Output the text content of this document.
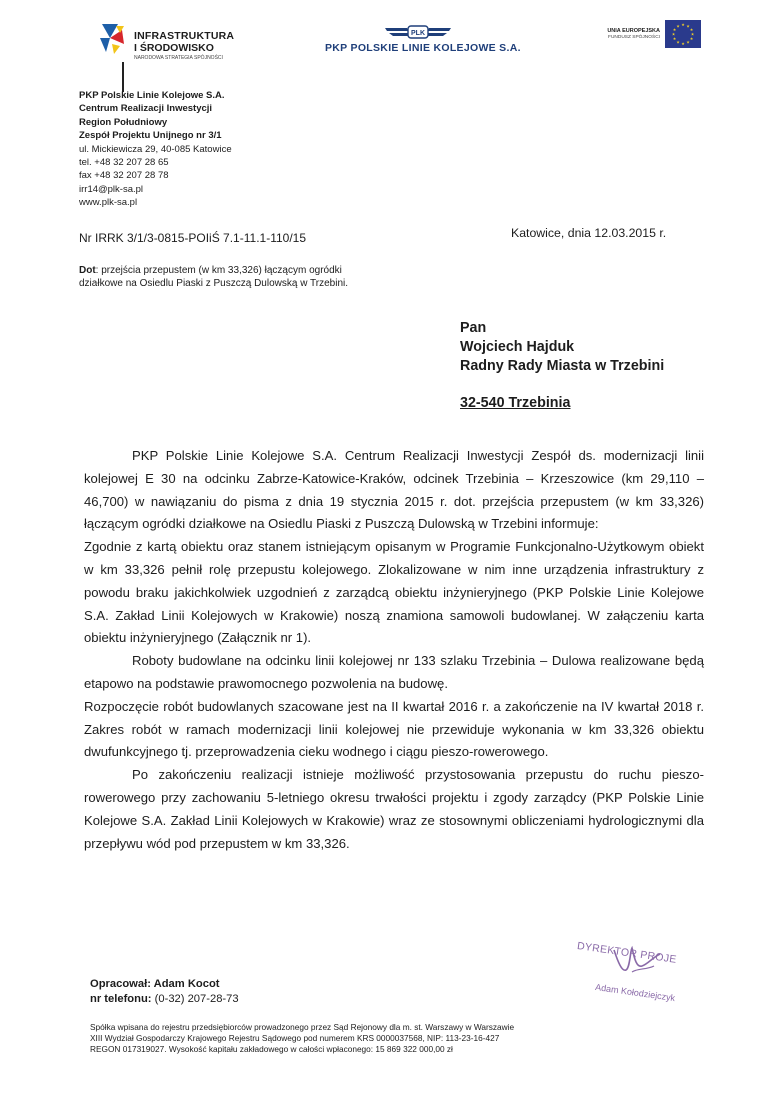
INFRASTRUKTURA
I ŚRODOWISKO
NARODOWA STRATEGIA SPÓJNOŚCI
PLK
PKP POLSKIE LINIE KOLEJOWE S.A.
UNIA EUROPEJSKA
FUNDUSZ SPÓJNOŚCI
★ ★
★
★
★
★
★
★
★
★
★
★
PKP Polskie Linie Kolejowe S.A.
Centrum Realizacji Inwestycji
Region Południowy
Zespół Projektu Unijnego nr 3/1
ul. Mickiewicza 29, 40-085 Katowice
tel. +48 32 207 28 65
fax +48 32 207 28 78
irr14@plk-sa.pl
www.plk-sa.pl
Nr IRRK 3/1/3-0815-POIiŚ 7.1-11.1-110/15	Katowice, dnia 12.03.2015 r.
Dot: przejścia przepustem (w km 33,326) łączącym ogródki
działkowe na Osiedlu Piaski z Puszczą Dulowską w Trzebini.
Pan
Wojciech Hajduk
Radny Rady Miasta w Trzebini
32-540 Trzebinia

PKP Polskie Linie Kolejowe S.A. Centrum Realizacji Inwestycji Zespół ds. modernizacji linii kolejowej E 30 na odcinku Zabrze-Katowice-Kraków, odcinek Trzebinia – Krzeszowice (km 29,110 – 46,700) w nawiązaniu do pisma z dnia 19 stycznia 2015 r. dot. przejścia przepustem (w km 33,326) łączącym ogródki działkowe na Osiedlu Piaski z Puszczą Dulowską w Trzebini informuje:

Zgodnie z kartą obiektu oraz stanem istniejącym opisanym w Programie Funkcjonalno-Użytkowym obiekt w km 33,326 pełnił rolę przepustu kolejowego. Zlokalizowane w nim inne urządzenia infrastruktury z powodu braku jakichkolwiek uzgodnień z zarządcą obiektu inżynieryjnego (PKP Polskie Linie Kolejowe S.A. Zakład Linii Kolejowych w Krakowie) noszą znamiona samowoli budowlanej. W załączeniu karta obiektu inżynieryjnego (Załącznik nr 1).

Roboty budowlane na odcinku linii kolejowej nr 133 szlaku Trzebinia – Dulowa realizowane będą etapowo na podstawie prawomocnego pozwolenia na budowę.

Rozpoczęcie robót budowlanych szacowane jest na II kwartał 2016 r. a zakończenie na IV kwartał 2018 r. Zakres robót w ramach modernizacji linii kolejowej nie przewiduje wykonania w km 33,326 obiektu dwufunkcyjnego tj. przeprowadzenia cieku wodnego i ciągu pieszo-rowerowego.

Po zakończeniu realizacji istnieje możliwość przystosowania przepustu do ruchu pieszorowerowego przy zachowaniu 5-letniego okresu trwałości projektu i zgody zarządcy (PKP Polskie Linie Kolejowe S.A. Zakład Linii Kolejowych w Krakowie) wraz ze stosownymi obliczeniami hydrologicznymi dla przepływu wód pod przepustem w km 33,326.

DYREKTOR PROJE
Adam Kołodziejczyk
Opracował: Adam Kocot
nr telefonu: (0-32) 207-28-73
Spółka wpisana do rejestru przedsiębiorców prowadzonego przez Sąd Rejonowy dla m. st. Warszawy w Warszawie
XIII Wydział Gospodarczy Krajowego Rejestru Sądowego pod numerem KRS 0000037568, NIP: 113-23-16-427
REGON 017319027. Wysokość kapitału zakładowego w całości wpłaconego: 15 869 322 000,00 zł
